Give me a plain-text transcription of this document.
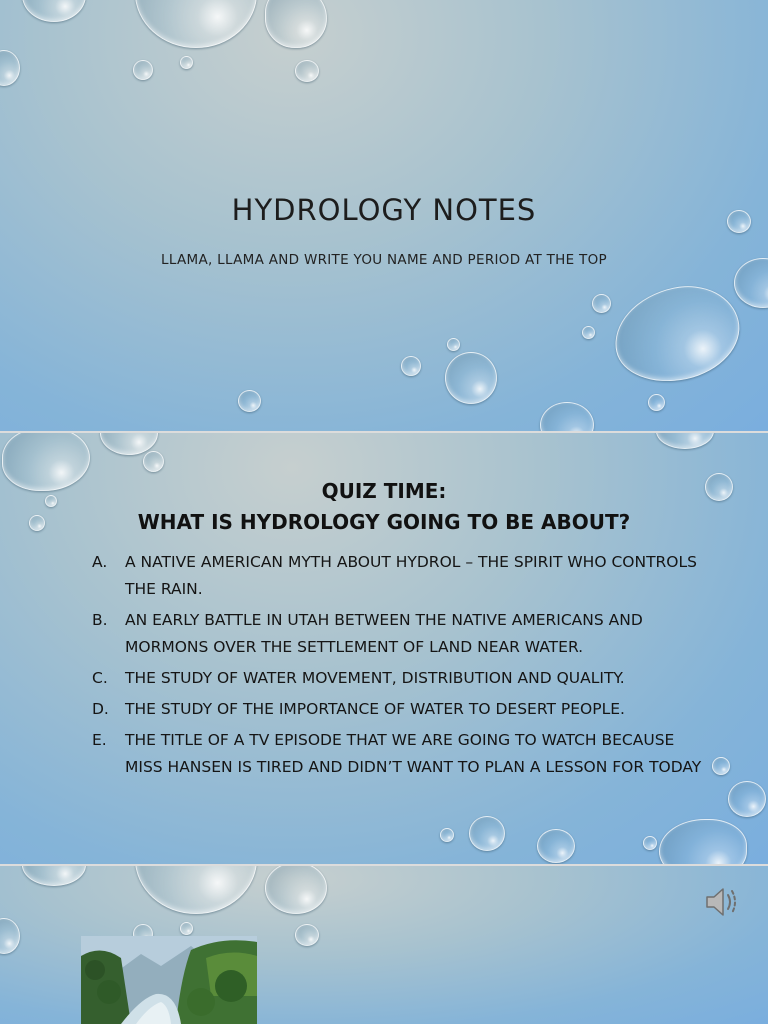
HYDROLOGY NOTES
LLAMA, LLAMA AND WRITE YOU NAME AND PERIOD AT THE TOP
QUIZ TIME:
WHAT IS HYDROLOGY GOING TO BE ABOUT?
A.	A NATIVE AMERICAN MYTH ABOUT HYDROL – THE SPIRIT WHO CONTROLS THE RAIN.
B.	AN EARLY BATTLE IN UTAH BETWEEN THE NATIVE AMERICANS AND MORMONS OVER THE SETTLEMENT OF LAND NEAR WATER.
C.	THE STUDY OF WATER MOVEMENT, DISTRIBUTION AND QUALITY.
D.	THE STUDY OF THE IMPORTANCE OF WATER TO DESERT PEOPLE.
E.	THE TITLE OF A TV EPISODE THAT WE ARE GOING TO WATCH BECAUSE MISS HANSEN IS TIRED AND DIDN’T WANT TO PLAN A LESSON FOR TODAY
